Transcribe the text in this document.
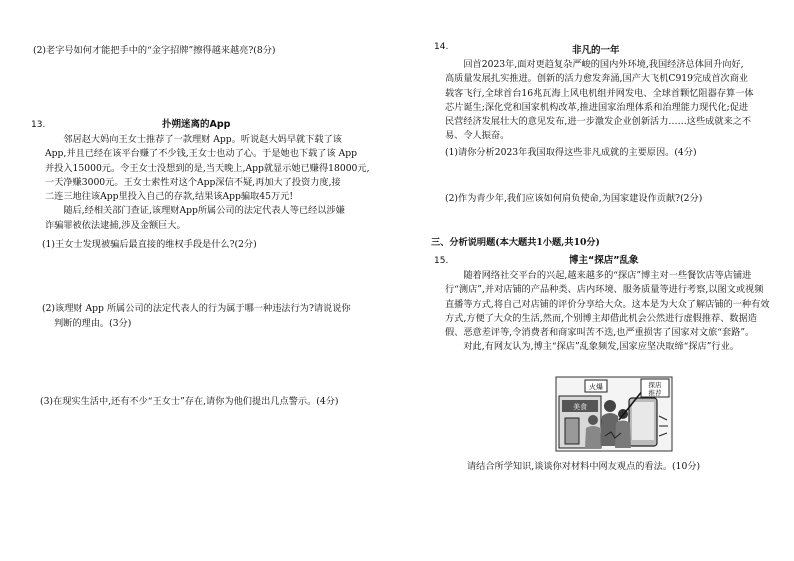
(2)老字号如何才能把手中的“金字招牌”擦得越来越亮?(8分)
13.	扑朔迷离的App
　　邻居赵大妈向王女士推荐了一款理财 App。听说赵大妈早就下载了该
App,并且已经在该平台赚了不少钱,王女士也动了心。于是她也下载了该 App
并投入15000元。令王女士没想到的是,当天晚上,App就显示她已赚得18000元,
一天净赚3000元。王女士索性对这个App深信不疑,再加大了投资力度,接
二连三地往该App里投入自己的存款,结果该App骗取45万元!
　　随后,经相关部门查证,该理财App所属公司的法定代表人等已经以涉嫌
诈骗罪被依法逮捕,涉及金额巨大。
(1)王女士发现被骗后最直接的维权手段是什么?(2分)
(2)该理财 App 所属公司的法定代表人的行为属于哪一种违法行为?请说说你
判断的理由。(3分)
(3)在现实生活中,还有不少“王女士”存在,请你为他们提出几点警示。(4分)
14.	非凡的一年
　　回首2023年,面对更趋复杂严峻的国内外环境,我国经济总体回升向好,
高质量发展扎实推进。创新的活力愈发奔涌,国产大飞机C919完成首次商业
载客飞行,全球首台16兆瓦海上风电机组并网发电、全球首颗忆阻器存算一体
芯片诞生;深化党和国家机构改革,推进国家治理体系和治理能力现代化;促进
民营经济发展壮大的意见发布,进一步激发企业创新活力……这些成就来之不
易、令人振奋。
(1)请你分析2023年我国取得这些非凡成就的主要原因。(4分)
(2)作为青少年,我们应该如何肩负使命,为国家建设作贡献?(2分)
三、分析说明题(本大题共1小题,共10分)
15.	博主“探店”乱象
　　随着网络社交平台的兴起,越来越多的“探店”博主对一些餐饮店等店铺进
行“测店”,并对店铺的产品种类、店内环境、服务质量等进行考察,以图文或视频
直播等方式,将自己对店铺的评价分享给大众。这本是为大众了解店铺的一种有效
方式,方便了大众的生活,然而,个别博主却借此机会公然进行虚假推荐、数据造
假、恶意差评等,令消费者和商家叫苦不迭,也严重损害了国家对文旅“套路”。
　　对此,有网友认为,博主“探店”乱象频发,国家应坚决取缔“探店”行业。
美食
火爆	探店
推荐
请结合所学知识,谈谈你对材料中网友观点的看法。(10分)
